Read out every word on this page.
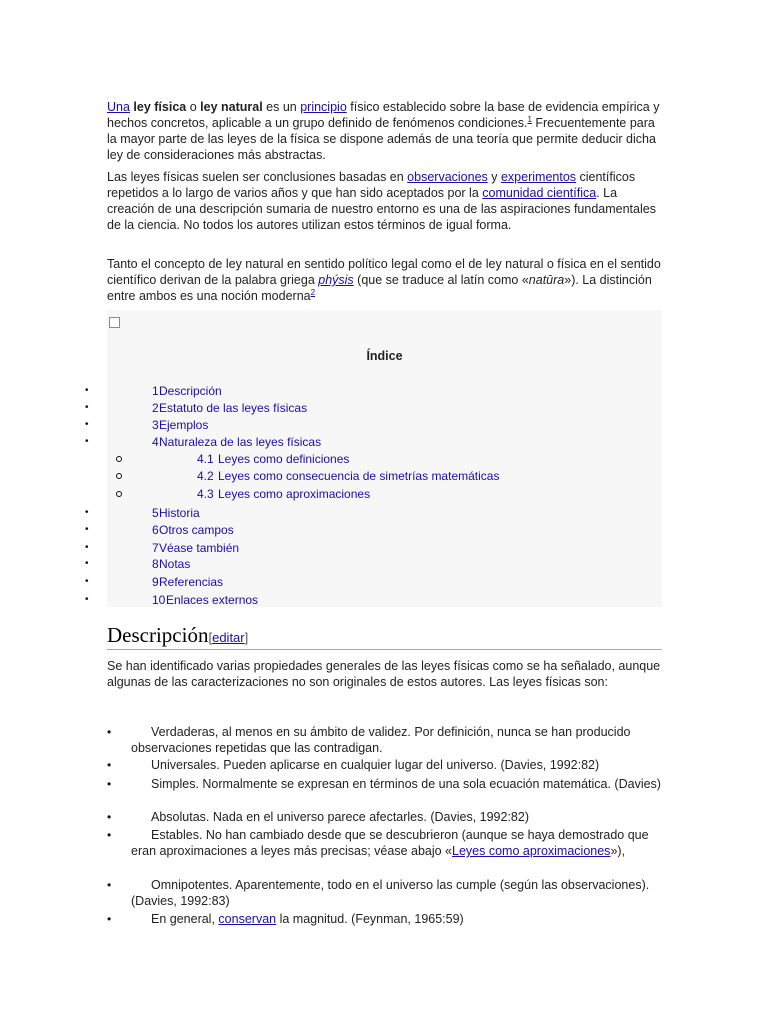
Una ley física o ley natural es un principio físico establecido sobre la base de evidencia empírica y hechos concretos, aplicable a un grupo definido de fenómenos condiciones.$^1$ Frecuentemente para la mayor parte de las leyes de la física se dispone además de una teoría que permite deducir dicha ley de consideraciones más abstractas.

Las leyes físicas suelen ser conclusiones basadas en observaciones y experimentos científicos repetidos a lo largo de varios años y que han sido aceptados por la comunidad científica. La creación de una descripción sumaria de nuestro entorno es una de las aspiraciones fundamentales de la ciencia. No todos los autores utilizan estos términos de igual forma.

Tanto el concepto de ley natural en sentido político legal como el de ley natural o física en el sentido científico derivan de la palabra griega phýsis (que se traduce al latín como «natūra»). La distinción entre ambos es una noción moderna$^2$

Índice
•	1 Descripción
•	2 Estatuto de las leyes físicas
•	3 Ejemplos
•	4 Naturaleza de las leyes físicas
4.1 Leyes como definiciones
4.2 Leyes como consecuencia de simetrías matemáticas
4.3 Leyes como aproximaciones
•	5 Historia
•	6 Otros campos
•	7 Véase también
•	8 Notas
•	9 Referencias
•	10 Enlaces externos
Descripción[editar]

Se han identificado varias propiedades generales de las leyes físicas como se ha señalado, aunque algunas de las caracterizaciones no son originales de estos autores. Las leyes físicas son:

•	Verdaderas, al menos en su ámbito de validez. Por definición, nunca se han producido observaciones repetidas que las contradigan.
•	Universales. Pueden aplicarse en cualquier lugar del universo. (Davies, 1992:82)
•	Simples. Normalmente se expresan en términos de una sola ecuación matemática. (Davies)
•	Absolutas. Nada en el universo parece afectarles. (Davies, 1992:82)
•	Estables. No han cambiado desde que se descubrieron (aunque se haya demostrado que eran aproximaciones a leyes más precisas; véase abajo «Leyes como aproximaciones»),
•	Omnipotentes. Aparentemente, todo en el universo las cumple (según las observaciones). (Davies, 1992:83)
•	En general, conservan la magnitud. (Feynman, 1965:59)
